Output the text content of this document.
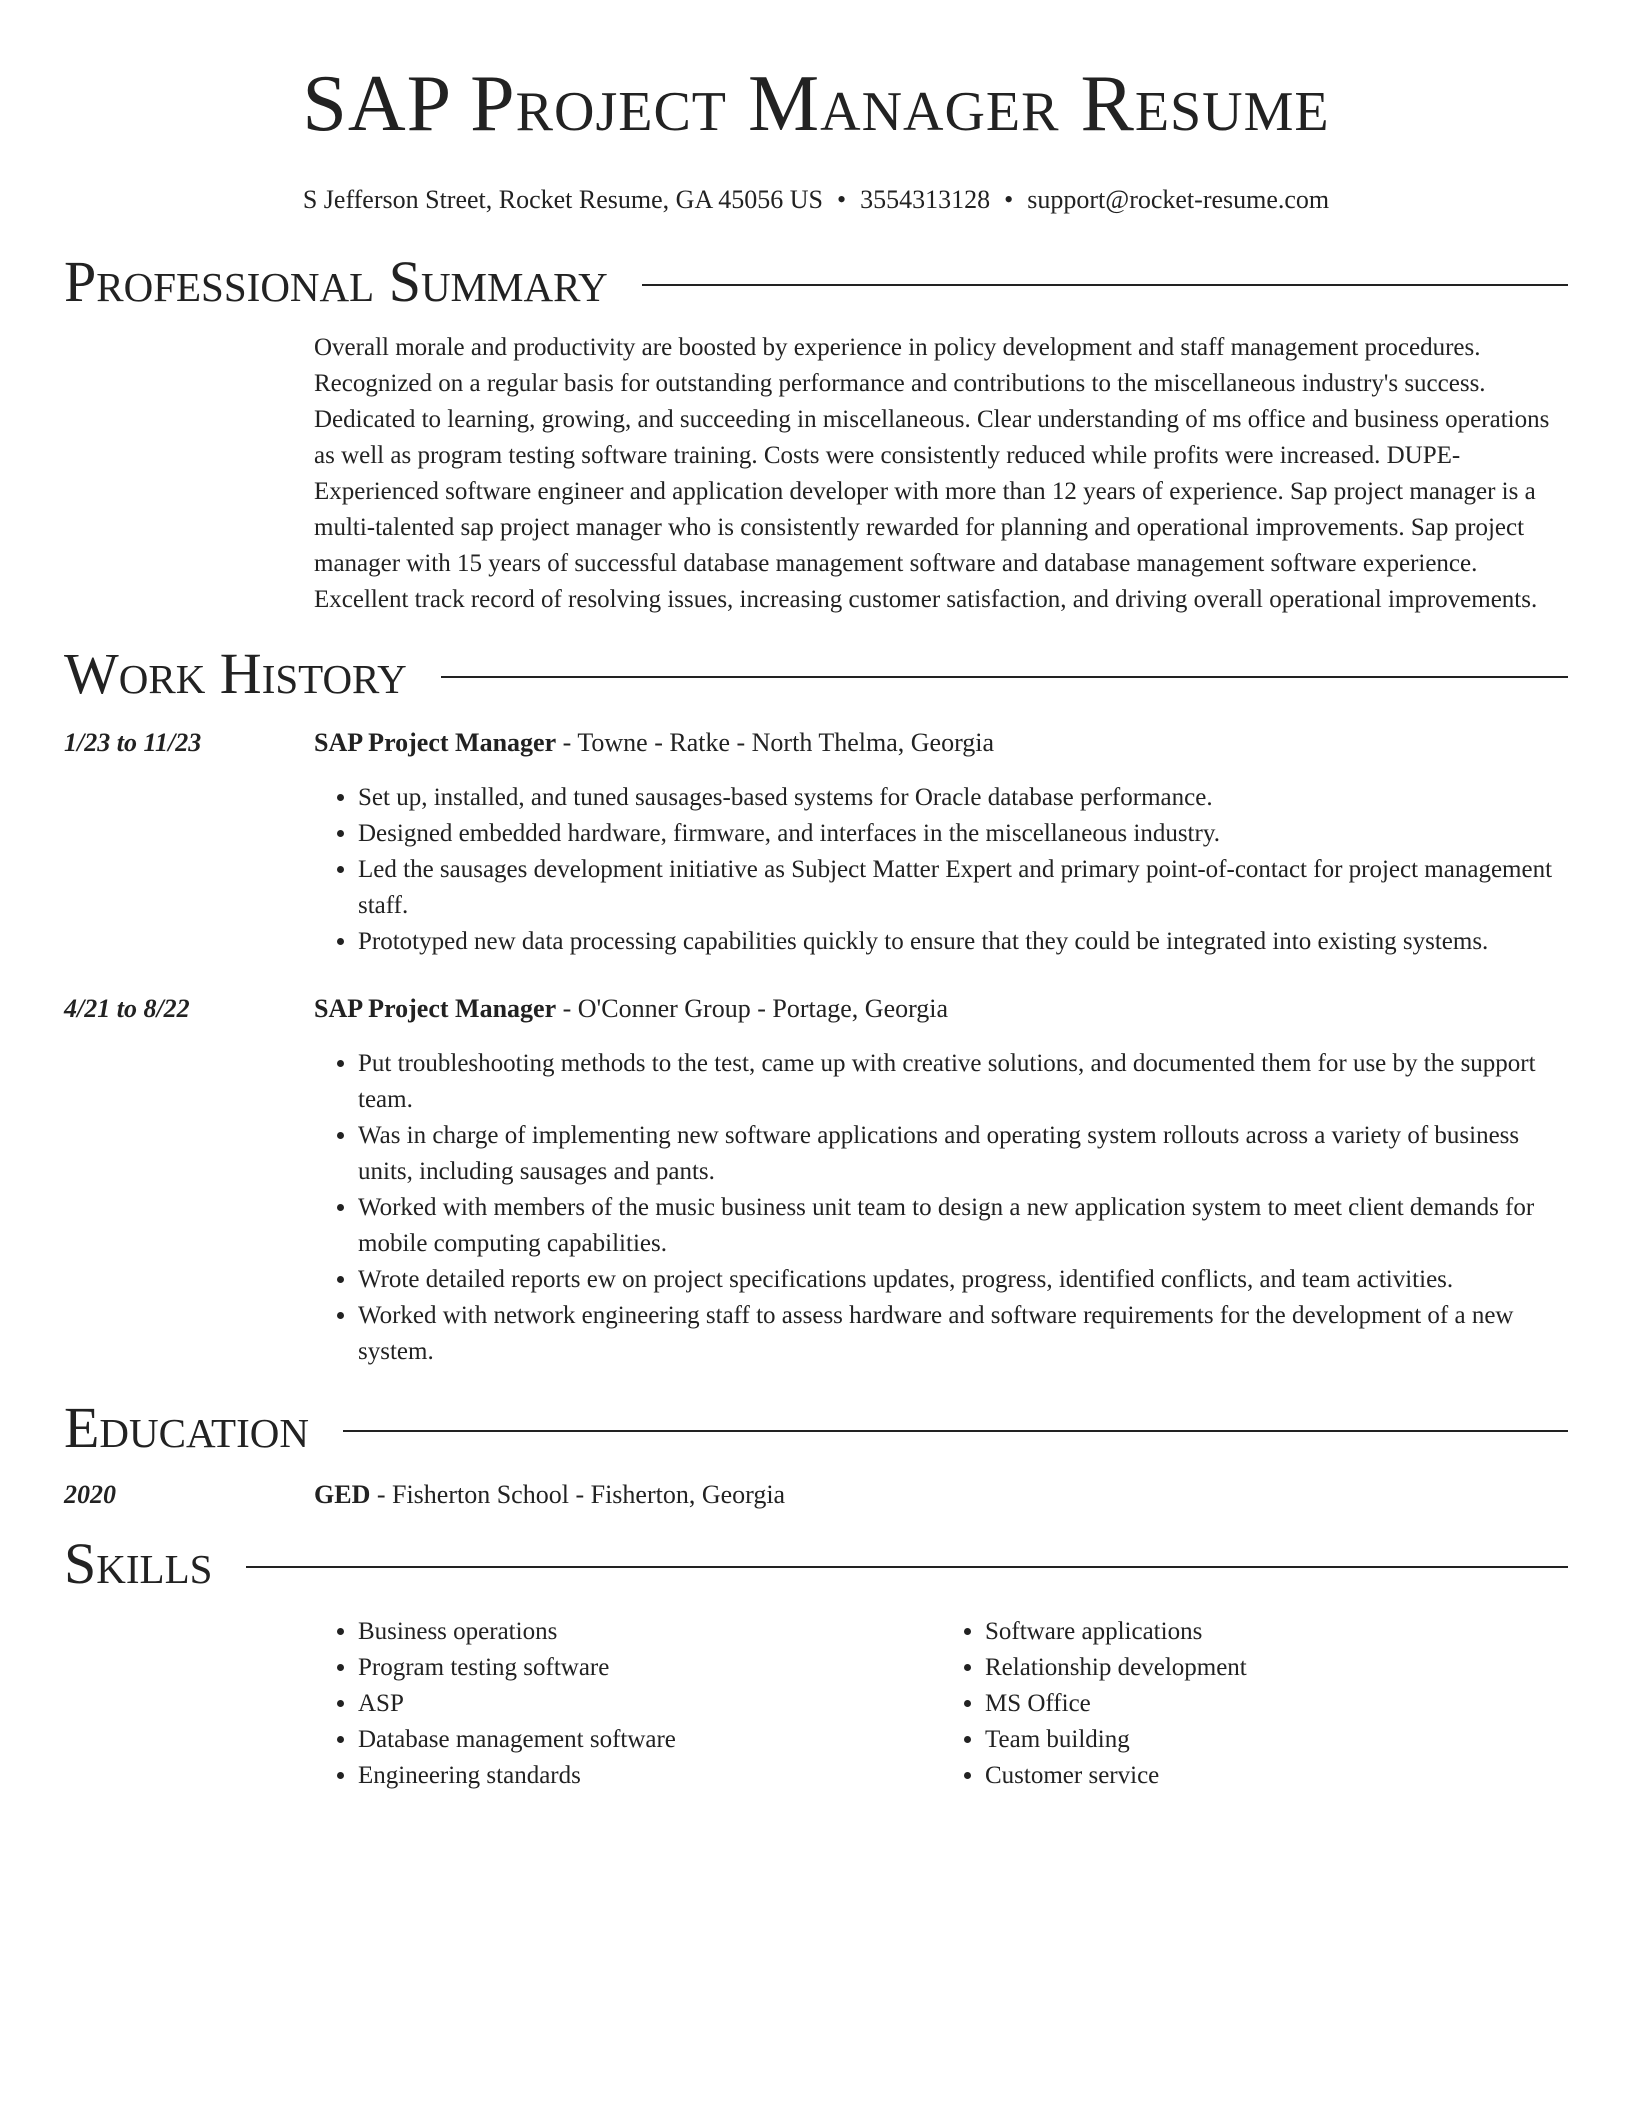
SAP Project Manager Resume
S Jefferson Street, Rocket Resume, GA 45056 US • 3554313128 • support@rocket-resume.com
Professional Summary
Overall morale and productivity are boosted by experience in policy development and staff management procedures. Recognized on a regular basis for outstanding performance and contributions to the miscellaneous industry's success. Dedicated to learning, growing, and succeeding in miscellaneous. Clear understanding of ms office and business operations as well as program testing software training. Costs were consistently reduced while profits were increased. DUPE-Experienced software engineer and application developer with more than 12 years of experience. Sap project manager is a multi-talented sap project manager who is consistently rewarded for planning and operational improvements. Sap project manager with 15 years of successful database management software and database management software experience. Excellent track record of resolving issues, increasing customer satisfaction, and driving overall operational improvements.
Work History
1/23 to 11/23	SAP Project Manager - Towne - Ratke - North Thelma, Georgia
• Set up, installed, and tuned sausages-based systems for Oracle database performance.
• Designed embedded hardware, firmware, and interfaces in the miscellaneous industry.
• Led the sausages development initiative as Subject Matter Expert and primary point-of-contact for project management staff.
• Prototyped new data processing capabilities quickly to ensure that they could be integrated into existing systems.
4/21 to 8/22	SAP Project Manager - O'Conner Group - Portage, Georgia
• Put troubleshooting methods to the test, came up with creative solutions, and documented them for use by the support team.
• Was in charge of implementing new software applications and operating system rollouts across a variety of business units, including sausages and pants.
• Worked with members of the music business unit team to design a new application system to meet client demands for mobile computing capabilities.
• Wrote detailed reports ew on project specifications updates, progress, identified conflicts, and team activities.
• Worked with network engineering staff to assess hardware and software requirements for the development of a new system.
Education
2020	GED - Fisherton School - Fisherton, Georgia
Skills
• Business operations
• Program testing software
• ASP
• Database management software
• Engineering standards
• Software applications
• Relationship development
• MS Office
• Team building
• Customer service
